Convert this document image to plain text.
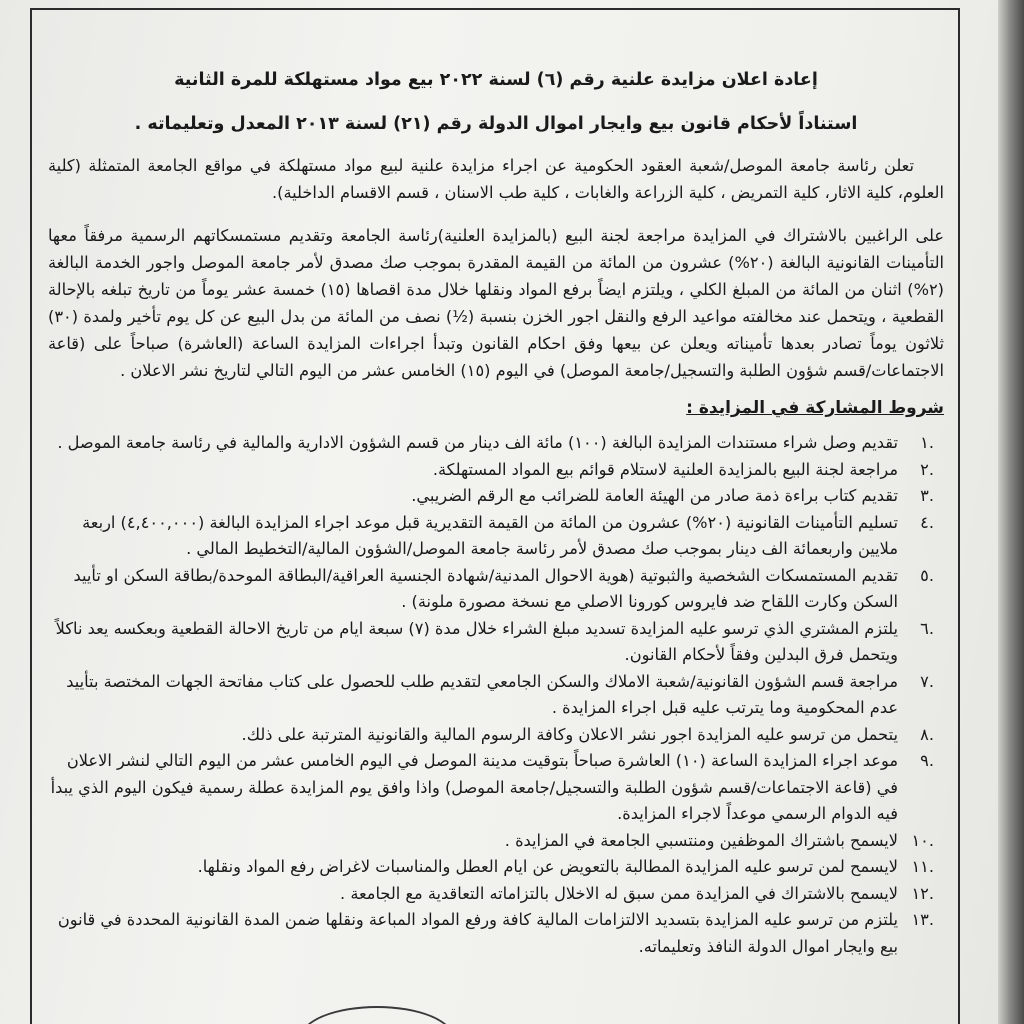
إعادة اعلان مزايدة علنية رقم (٦) لسنة ٢٠٢٢ بيع مواد مستهلكة للمرة الثانية
استناداً لأحكام قانون بيع وايجار اموال الدولة رقم (٢١) لسنة ٢٠١٣ المعدل وتعليماته .

تعلن رئاسة جامعة الموصل/شعبة العقود الحكومية عن اجراء مزايدة علنية لبيع مواد مستهلكة في مواقع الجامعة المتمثلة (كلية العلوم، كلية الاثار، كلية التمريض ، كلية الزراعة والغابات ، كلية طب الاسنان ، قسم الاقسام الداخلية).

على الراغبين بالاشتراك في المزايدة مراجعة لجنة البيع (بالمزايدة العلنية)رئاسة الجامعة وتقديم مستمسكاتهم الرسمية مرفقاً معها التأمينات القانونية البالغة (٢٠%) عشرون من المائة من القيمة المقدرة بموجب صك مصدق لأمر جامعة الموصل واجور الخدمة البالغة (٢%) اثنان من المائة من المبلغ الكلي ، ويلتزم ايضاً برفع المواد ونقلها خلال مدة اقصاها (١٥) خمسة عشر يوماً من تاريخ تبلغه بالإحالة القطعية ، ويتحمل عند مخالفته مواعيد الرفع والنقل اجور الخزن بنسبة (½) نصف من المائة من بدل البيع عن كل يوم تأخير ولمدة (٣٠) ثلاثون يوماً تصادر بعدها تأميناته ويعلن عن بيعها وفق احكام القانون وتبدأ اجراءات المزايدة الساعة (العاشرة) صباحاً على (قاعة الاجتماعات/قسم شؤون الطلبة والتسجيل/جامعة الموصل) في اليوم (١٥) الخامس عشر من اليوم التالي لتاريخ نشر الاعلان .

شروط المشاركة في المزايدة :
.١
تقديم وصل شراء مستندات المزايدة البالغة (١٠٠) مائة الف دينار من قسم الشؤون الادارية والمالية في رئاسة جامعة الموصل .
.٢
مراجعة لجنة البيع بالمزايدة العلنية لاستلام قوائم بيع المواد المستهلكة.
.٣
تقديم كتاب براءة ذمة صادر من الهيئة العامة للضرائب مع الرقم الضريبي.
.٤
تسليم التأمينات القانونية (٢٠%) عشرون من المائة من القيمة التقديرية قبل موعد اجراء المزايدة البالغة (٤,٤٠٠,٠٠٠) اربعة ملايين واربعمائة الف دينار بموجب صك مصدق لأمر رئاسة جامعة الموصل/الشؤون المالية/التخطيط المالي .
.٥
تقديم المستمسكات الشخصية والثبوتية (هوية الاحوال المدنية/شهادة الجنسية العراقية/البطاقة الموحدة/بطاقة السكن او تأييد السكن وكارت اللقاح ضد فايروس كورونا الاصلي مع نسخة مصورة ملونة) .
.٦
يلتزم المشتري الذي ترسو عليه المزايدة تسديد مبلغ الشراء خلال مدة (٧) سبعة ايام من تاريخ الاحالة القطعية وبعكسه يعد ناكلاً ويتحمل فرق البدلين وفقاً لأحكام القانون.
.٧
مراجعة قسم الشؤون القانونية/شعبة الاملاك والسكن الجامعي لتقديم طلب للحصول على كتاب مفاتحة الجهات المختصة بتأييد عدم المحكومية وما يترتب عليه قبل اجراء المزايدة .
.٨
يتحمل من ترسو عليه المزايدة اجور نشر الاعلان وكافة الرسوم المالية والقانونية المترتبة على ذلك.
.٩
موعد اجراء المزايدة الساعة (١٠) العاشرة صباحاً بتوقيت مدينة الموصل في اليوم الخامس عشر من اليوم التالي لنشر الاعلان في (قاعة الاجتماعات/قسم شؤون الطلبة والتسجيل/جامعة الموصل) واذا وافق يوم المزايدة عطلة رسمية فيكون اليوم الذي يبدأ فيه الدوام الرسمي موعداً لاجراء المزايدة.
.١٠
لايسمح باشتراك الموظفين ومنتسبي الجامعة في المزايدة .
.١١
لايسمح لمن ترسو عليه المزايدة المطالبة بالتعويض عن ايام العطل والمناسبات لاغراض رفع المواد ونقلها.
.١٢
لايسمح بالاشتراك في المزايدة ممن سبق له الاخلال بالتزاماته التعاقدية مع الجامعة .
.١٣
يلتزم من ترسو عليه المزايدة بتسديد الالتزامات المالية كافة ورفع المواد المباعة ونقلها ضمن المدة القانونية المحددة في قانون بيع وايجار اموال الدولة النافذ وتعليماته.
